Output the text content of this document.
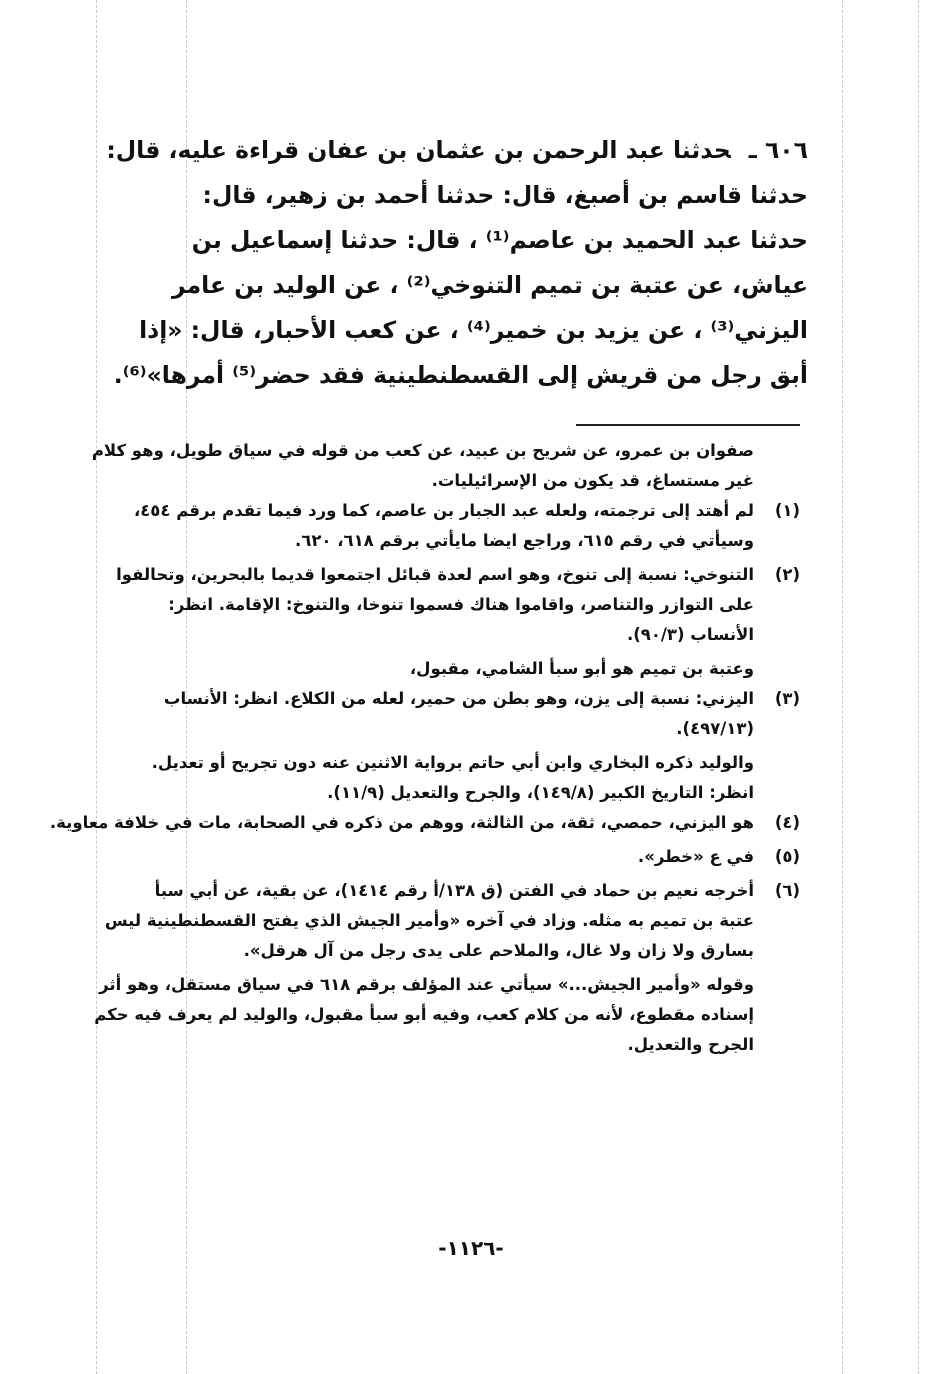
٦٠٦ ـحدثنا عبد الرحمن بن عثمان بن عفان قراءة عليه، قال:
حدثنا قاسم بن أصبغ، قال: حدثنا أحمد بن زهير، قال:
حدثنا عبد الحميد بن عاصم⁽¹⁾ ، قال: حدثنا إسماعيل بن
عياش، عن عتبة بن تميم التنوخي⁽²⁾ ، عن الوليد بن عامر
اليزني⁽³⁾ ، عن يزيد بن خمير⁽⁴⁾ ، عن كعب الأحبار، قال: «إذا
أبق رجل من قريش إلى القسطنطينية فقد حضر⁽⁵⁾ أمرها»⁽⁶⁾.
صفوان بن عمرو، عن شريح بن عبيد، عن كعب من قوله في سياق طويل، وهو كلام
غير مستساغ، قد يكون من الإسرائيليات.
(١)
لم أهتد إلى ترجمته، ولعله عبد الجبار بن عاصم، كما ورد فيما تقدم برقم ٤٥٤،
وسيأتي في رقم ٦١٥، وراجع ايضا مايأتي برقم ٦١٨، ٦٢٠.
(٢)
التنوخي: نسبة إلى تنوخ، وهو اسم لعدة قبائل اجتمعوا قديما بالبحرين، وتحالفوا
على التوازر والتناصر، واقاموا هناك فسموا تنوخا، والتنوخ: الإقامة. انظر:
الأنساب (٩٠/٣).
وعتبة بن تميم هو أبو سبأ الشامي، مقبول،
(٣)
اليزني: نسبة إلى يزن، وهو بطن من حمير، لعله من الكلاع. انظر: الأنساب
(٤٩٧/١٣).
والوليد ذكره البخاري وابن أبي حاتم برواية الاثنين عنه دون تجريح أو تعديل.
انظر: التاريخ الكبير (١٤٩/٨)، والجرح والتعديل (١١/٩).
(٤)
هو اليزني، حمصي، ثقة، من الثالثة، ووهم من ذكره في الصحابة، مات في خلافة معاوية.
(٥)
في ع «خطر».
(٦)
أخرجه نعيم بن حماد في الفتن (ق ١٣٨/أ رقم ١٤١٤)، عن بقية، عن أبي سبأ
عتبة بن تميم به مثله. وزاد في آخره «وأمير الجيش الذي يفتح القسطنطينية ليس
بسارق ولا زان ولا غال، والملاحم على يدى رجل من آل هرقل».
وقوله «وأمير الجيش...» سيأتي عند المؤلف برقم ٦١٨ في سياق مستقل، وهو أثر
إسناده مقطوع، لأنه من كلام كعب، وفيه أبو سبأ مقبول، والوليد لم يعرف فيه حكم
الجرح والتعديل.
-١١٢٦-
